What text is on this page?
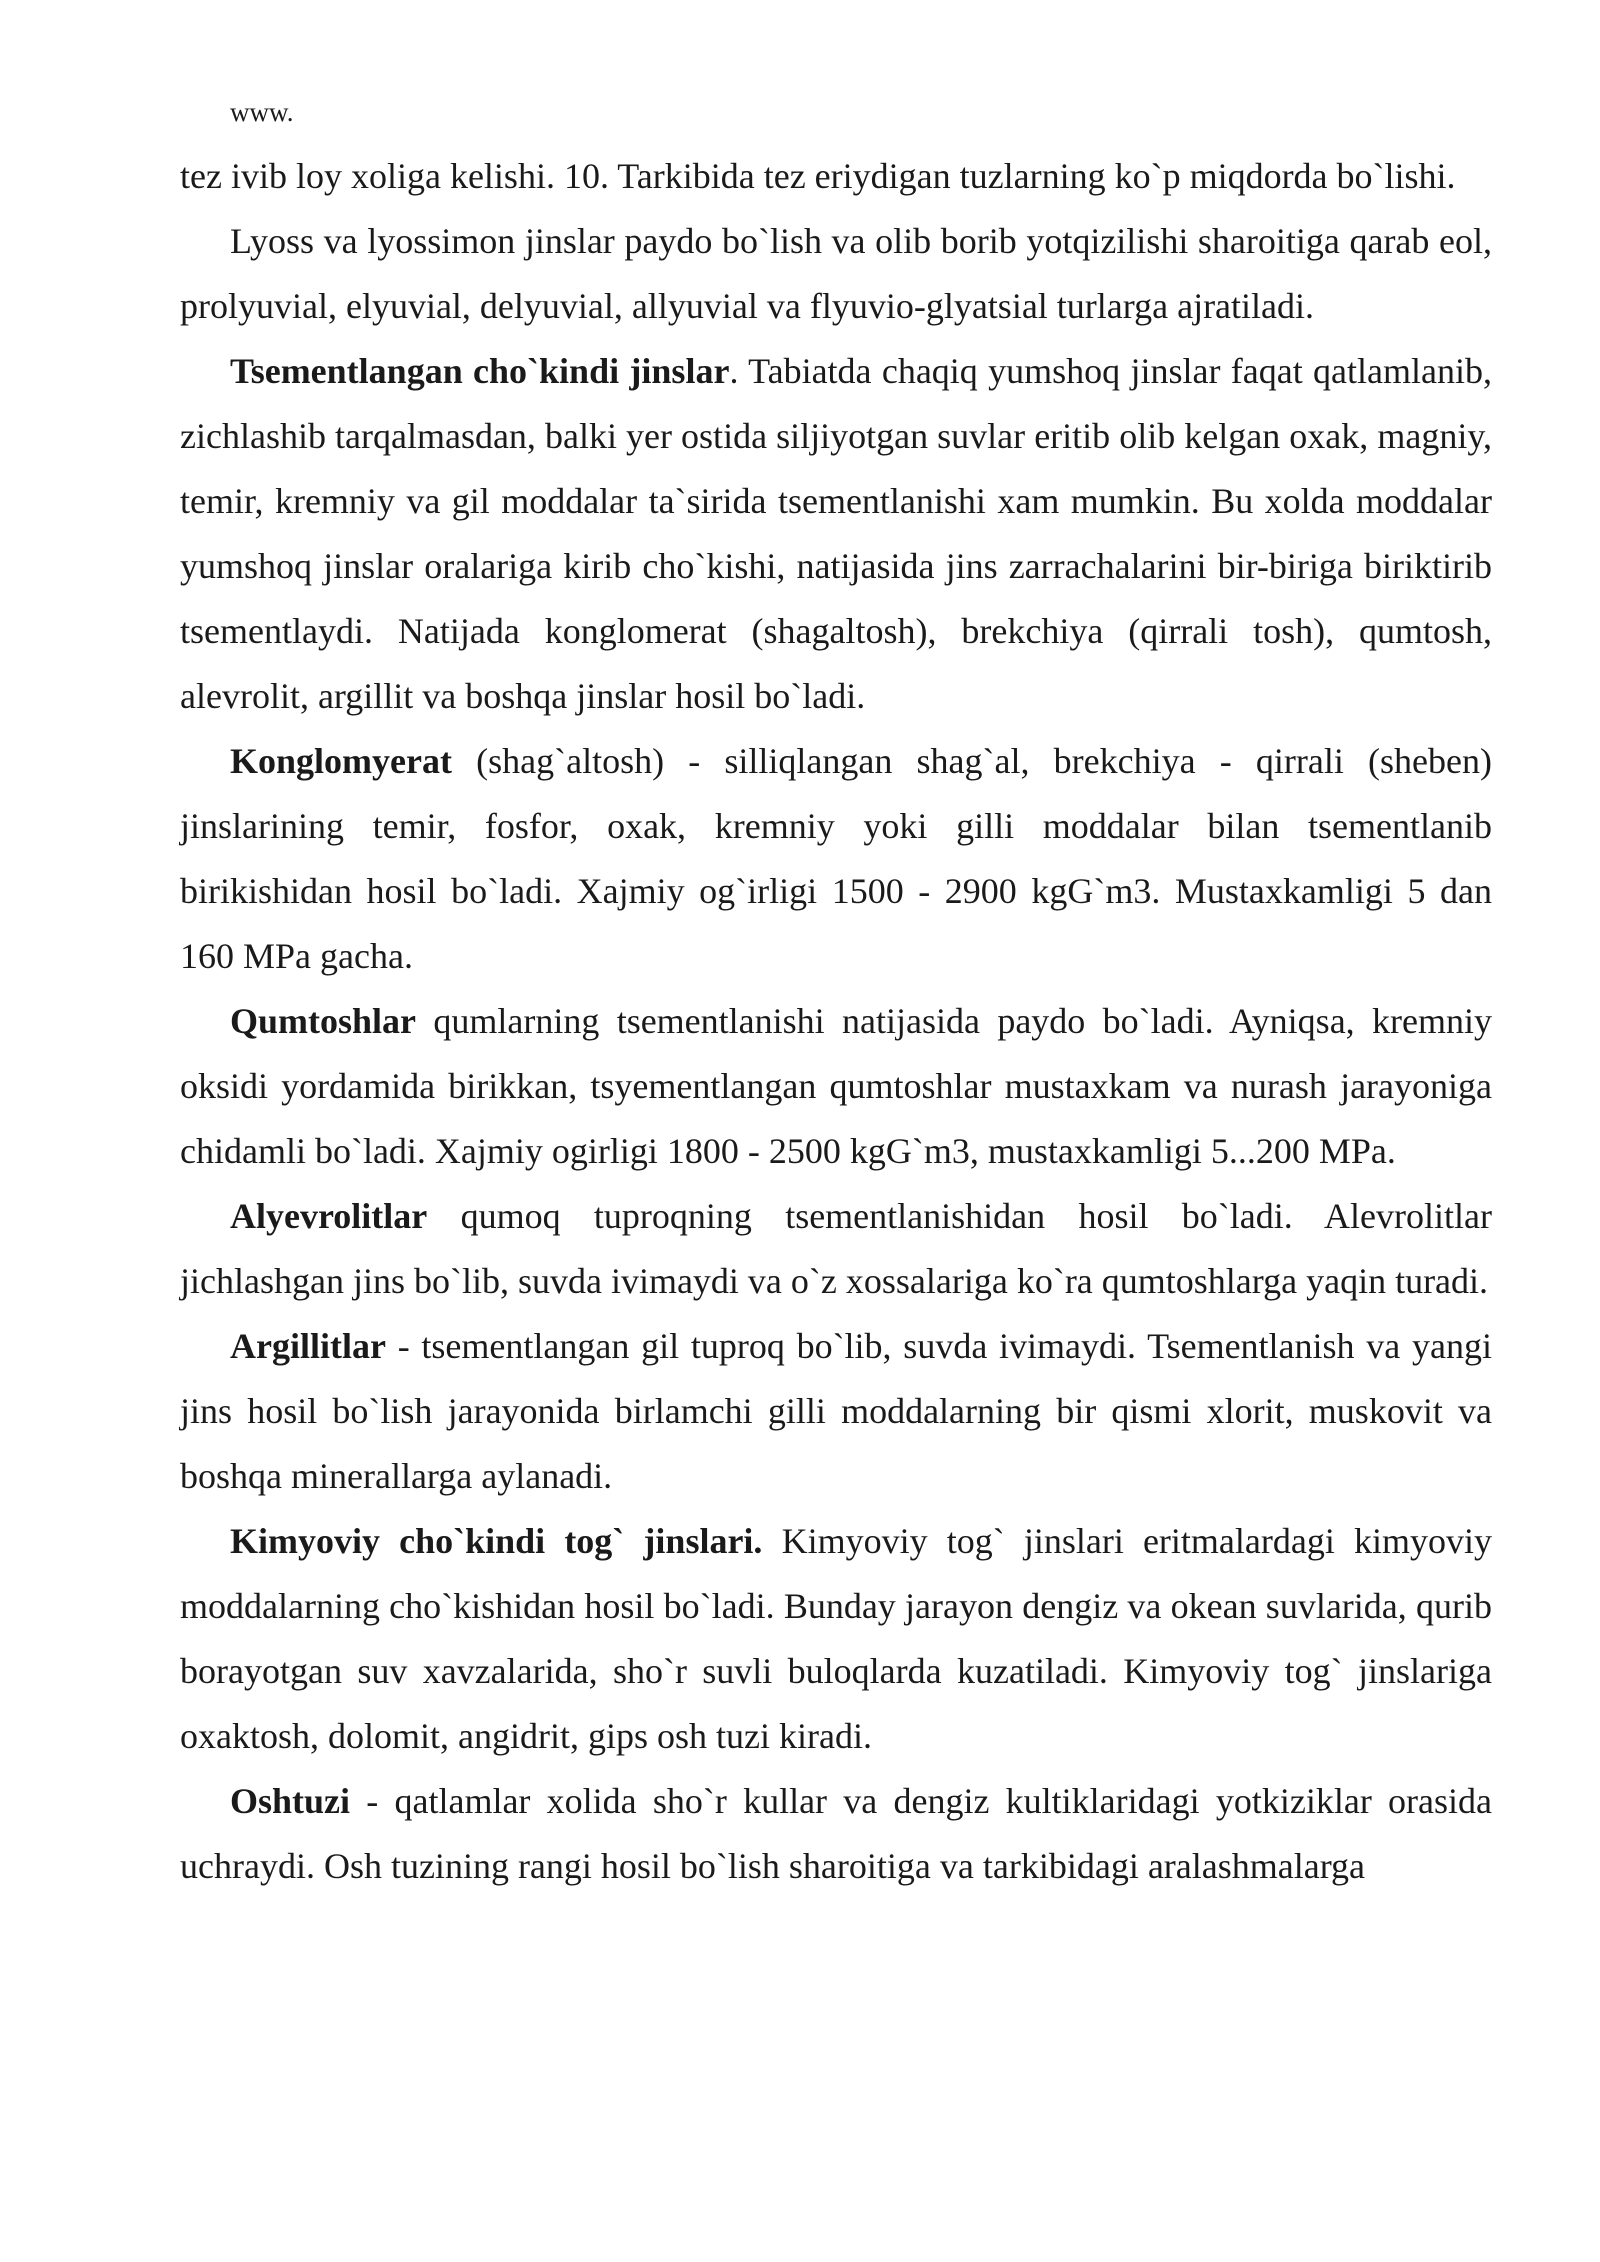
www.

tez ivib loy xoliga kelishi. 10. Tarkibida tez eriydigan tuzlarning ko`p miqdorda bo`lishi.

Lyoss va lyossimon jinslar paydo bo`lish va olib borib yotqizilishi sharoitiga qarab eol, prolyuvial, elyuvial, delyuvial, allyuvial va flyuvio-glyatsial turlarga ajratiladi.

Tsementlangan cho`kindi jinslar. Tabiatda chaqiq yumshoq jinslar faqat qatlamlanib, zichlashib tarqalmasdan, balki yer ostida siljiyotgan suvlar eritib olib kelgan oxak, magniy, temir, kremniy va gil moddalar ta`sirida tsementlanishi xam mumkin. Bu xolda moddalar yumshoq jinslar oralariga kirib cho`kishi, natijasida jins zarrachalarini bir-biriga biriktirib tsementlaydi. Natijada konglomerat (shagaltosh), brekchiya (qirrali tosh), qumtosh, alevrolit, argillit va boshqa jinslar hosil bo`ladi.

Konglomyerat (shag`altosh) - silliqlangan shag`al, brekchiya - qirrali (sheben) jinslarining temir, fosfor, oxak, kremniy yoki gilli moddalar bilan tsementlanib birikishidan hosil bo`ladi. Xajmiy og`irligi 1500 - 2900 kgG`m3. Mustaxkamligi 5 dan 160 MPa gacha.

Qumtoshlar qumlarning tsementlanishi natijasida paydo bo`ladi. Ayniqsa, kremniy oksidi yordamida birikkan, tsyementlangan qumtoshlar mustaxkam va nurash jarayoniga chidamli bo`ladi. Xajmiy ogirligi 1800 - 2500 kgG`m3, mustaxkamligi 5...200 MPa.

Alyevrolitlar qumoq tuproqning tsementlanishidan hosil bo`ladi. Alevrolitlar jichlashgan jins bo`lib, suvda ivimaydi va o`z xossalariga ko`ra qumtoshlarga yaqin turadi.

Argillitlar - tsementlangan gil tuproq bo`lib, suvda ivimaydi. Tsementlanish va yangi jins hosil bo`lish jarayonida birlamchi gilli moddalarning bir qismi xlorit, muskovit va boshqa minerallarga aylanadi.

Kimyoviy cho`kindi tog` jinslari. Kimyoviy tog` jinslari eritmalardagi kimyoviy moddalarning cho`kishidan hosil bo`ladi. Bunday jarayon dengiz va okean suvlarida, qurib borayotgan suv xavzalarida, sho`r suvli buloqlarda kuzatiladi. Kimyoviy tog` jinslariga oxaktosh, dolomit, angidrit, gips osh tuzi kiradi.

Oshtuzi - qatlamlar xolida sho`r kullar va dengiz kultiklaridagi yotkiziklar orasida uchraydi. Osh tuzining rangi hosil bo`lish sharoitiga va tarkibidagi aralashmalarga
